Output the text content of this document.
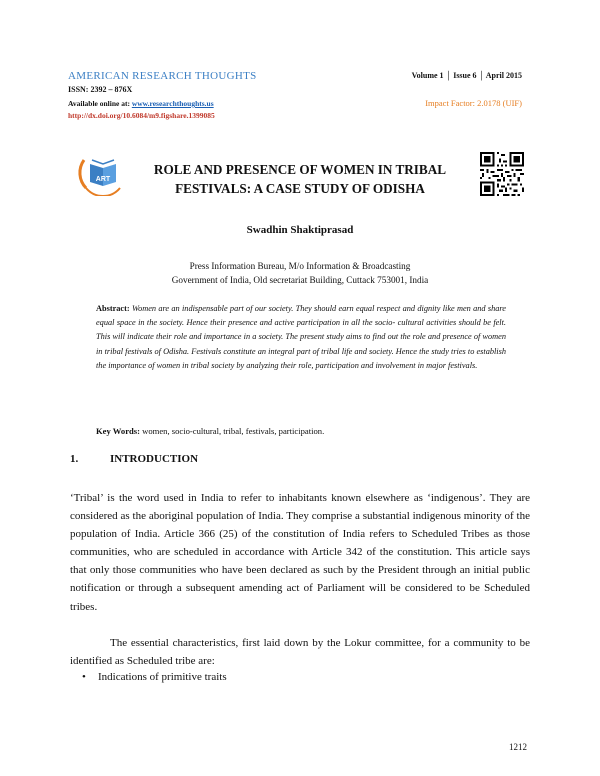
AMERICAN RESEARCH THOUGHTS
ISSN: 2392 – 876X
Available online at: www.researchthoughts.us
http://dx.doi.org/10.6084/m9.figshare.1399085
Volume 1 │ Issue 6 │ April 2015
Impact Factor: 2.0178 (UIF)
ART
ROLE AND PRESENCE OF WOMEN IN TRIBAL
FESTIVALS: A CASE STUDY OF ODISHA
Swadhin Shaktiprasad
Press Information Bureau, M/o Information & Broadcasting
Government of India, Old secretariat Building, Cuttack 753001, India
Abstract: Women are an indispensable part of our society. They should earn equal respect and dignity like men and share equal space in the society. Hence their presence and active participation in all the socio- cultural activities should be felt. This will indicate their role and importance in a society. The present study aims to find out the role and presence of women in tribal festivals of Odisha. Festivals constitute an integral part of tribal life and society. Hence the study tries to establish the importance of women in tribal society by analyzing their role, participation and involvement in major festivals.
Key Words: women, socio-cultural, tribal, festivals, participation.
1.	INTRODUCTION
‘Tribal’ is the word used in India to refer to inhabitants known elsewhere as ‘indigenous’. They are considered as the aboriginal population of India. They comprise a substantial indigenous minority of the population of India. Article 366 (25) of the constitution of India refers to Scheduled Tribes as those communities, who are scheduled in accordance with Article 342 of the constitution. This article says that only those communities who have been declared as such by the President through an initial public notification or through a subsequent amending act of Parliament will be considered to be Scheduled tribes.
The essential characteristics, first laid down by the Lokur committee, for a community to be identified as Scheduled tribe are:
• Indications of primitive traits
1212
